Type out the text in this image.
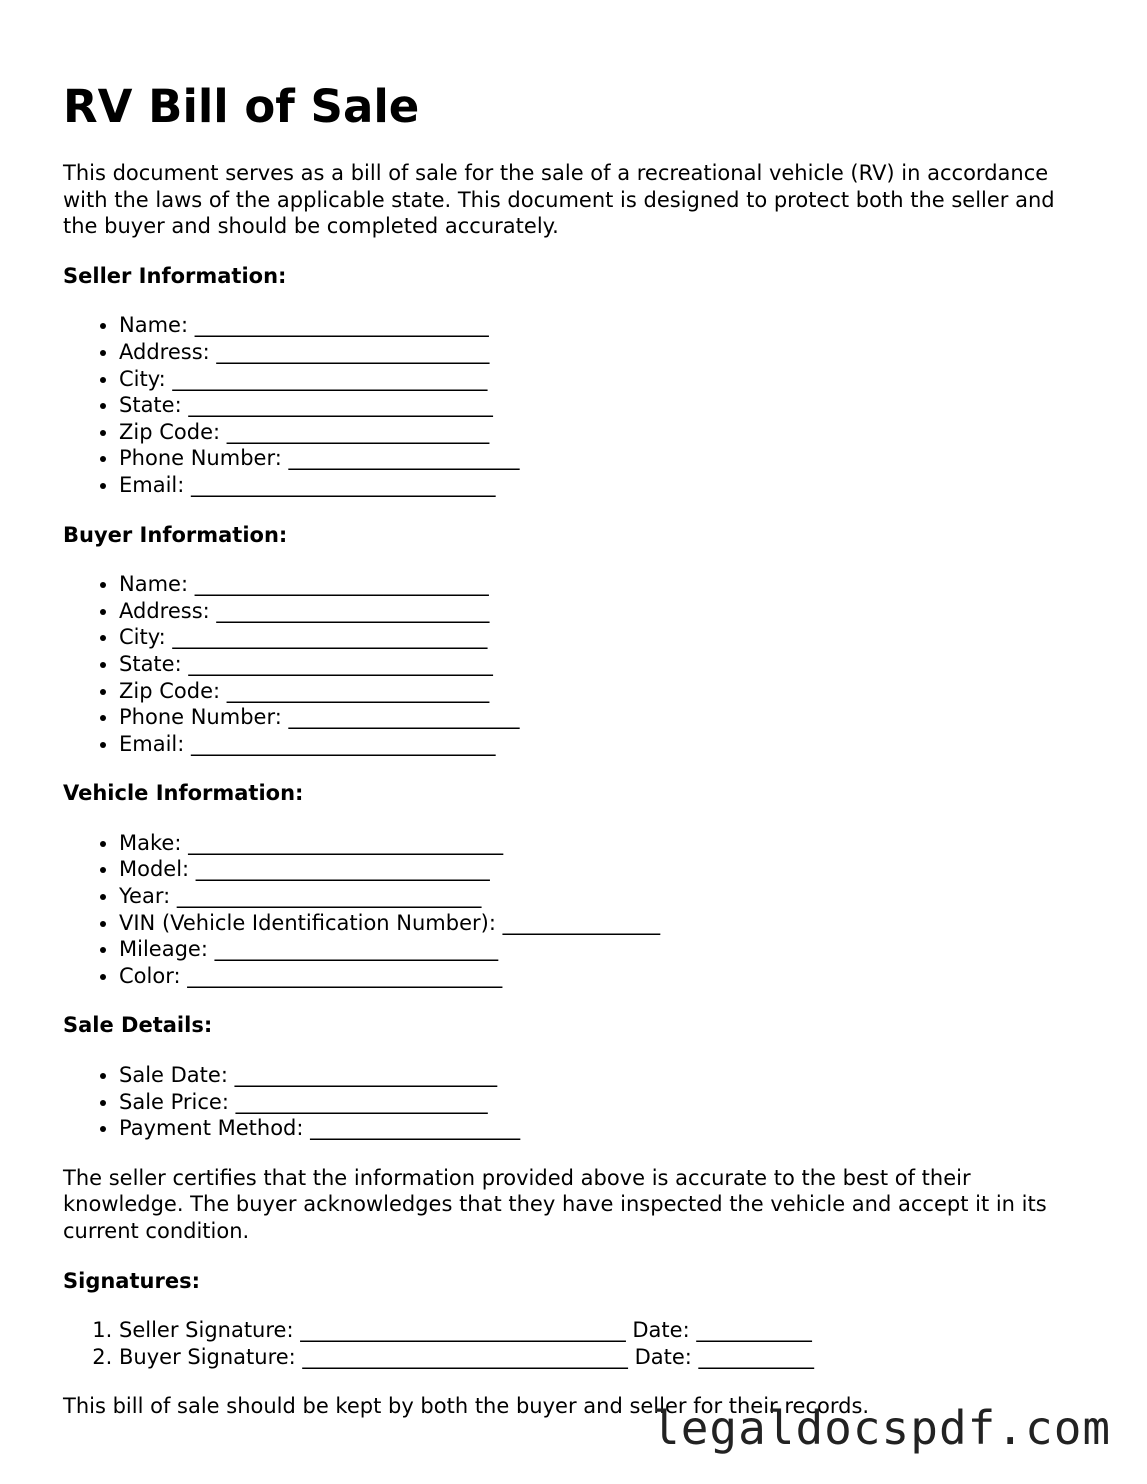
RV Bill of Sale

This document serves as a bill of sale for the sale of a recreational vehicle (RV) in accordance with the laws of the applicable state. This document is designed to protect both the seller and the buyer and should be completed accurately.

Seller Information:
• Name: ____________________________
• Address: __________________________
• City: ______________________________
• State: _____________________________
• Zip Code: _________________________
• Phone Number: ______________________
• Email: _____________________________
Buyer Information:
• Name: ____________________________
• Address: __________________________
• City: ______________________________
• State: _____________________________
• Zip Code: _________________________
• Phone Number: ______________________
• Email: _____________________________
Vehicle Information:
• Make: ______________________________
• Model: ____________________________
• Year: _____________________________
• VIN (Vehicle Identification Number): _______________
• Mileage: ___________________________
• Color: ______________________________
Sale Details:
• Sale Date: _________________________
• Sale Price: ________________________
• Payment Method: ____________________

The seller certifies that the information provided above is accurate to the best of their knowledge. The buyer acknowledges that they have inspected the vehicle and accept it in its current condition.

Signatures:
1. Seller Signature: _______________________________ Date: ___________
2. Buyer Signature: _______________________________ Date: ___________

This bill of sale should be kept by both the buyer and seller for their records.

legaldocspdf.com
